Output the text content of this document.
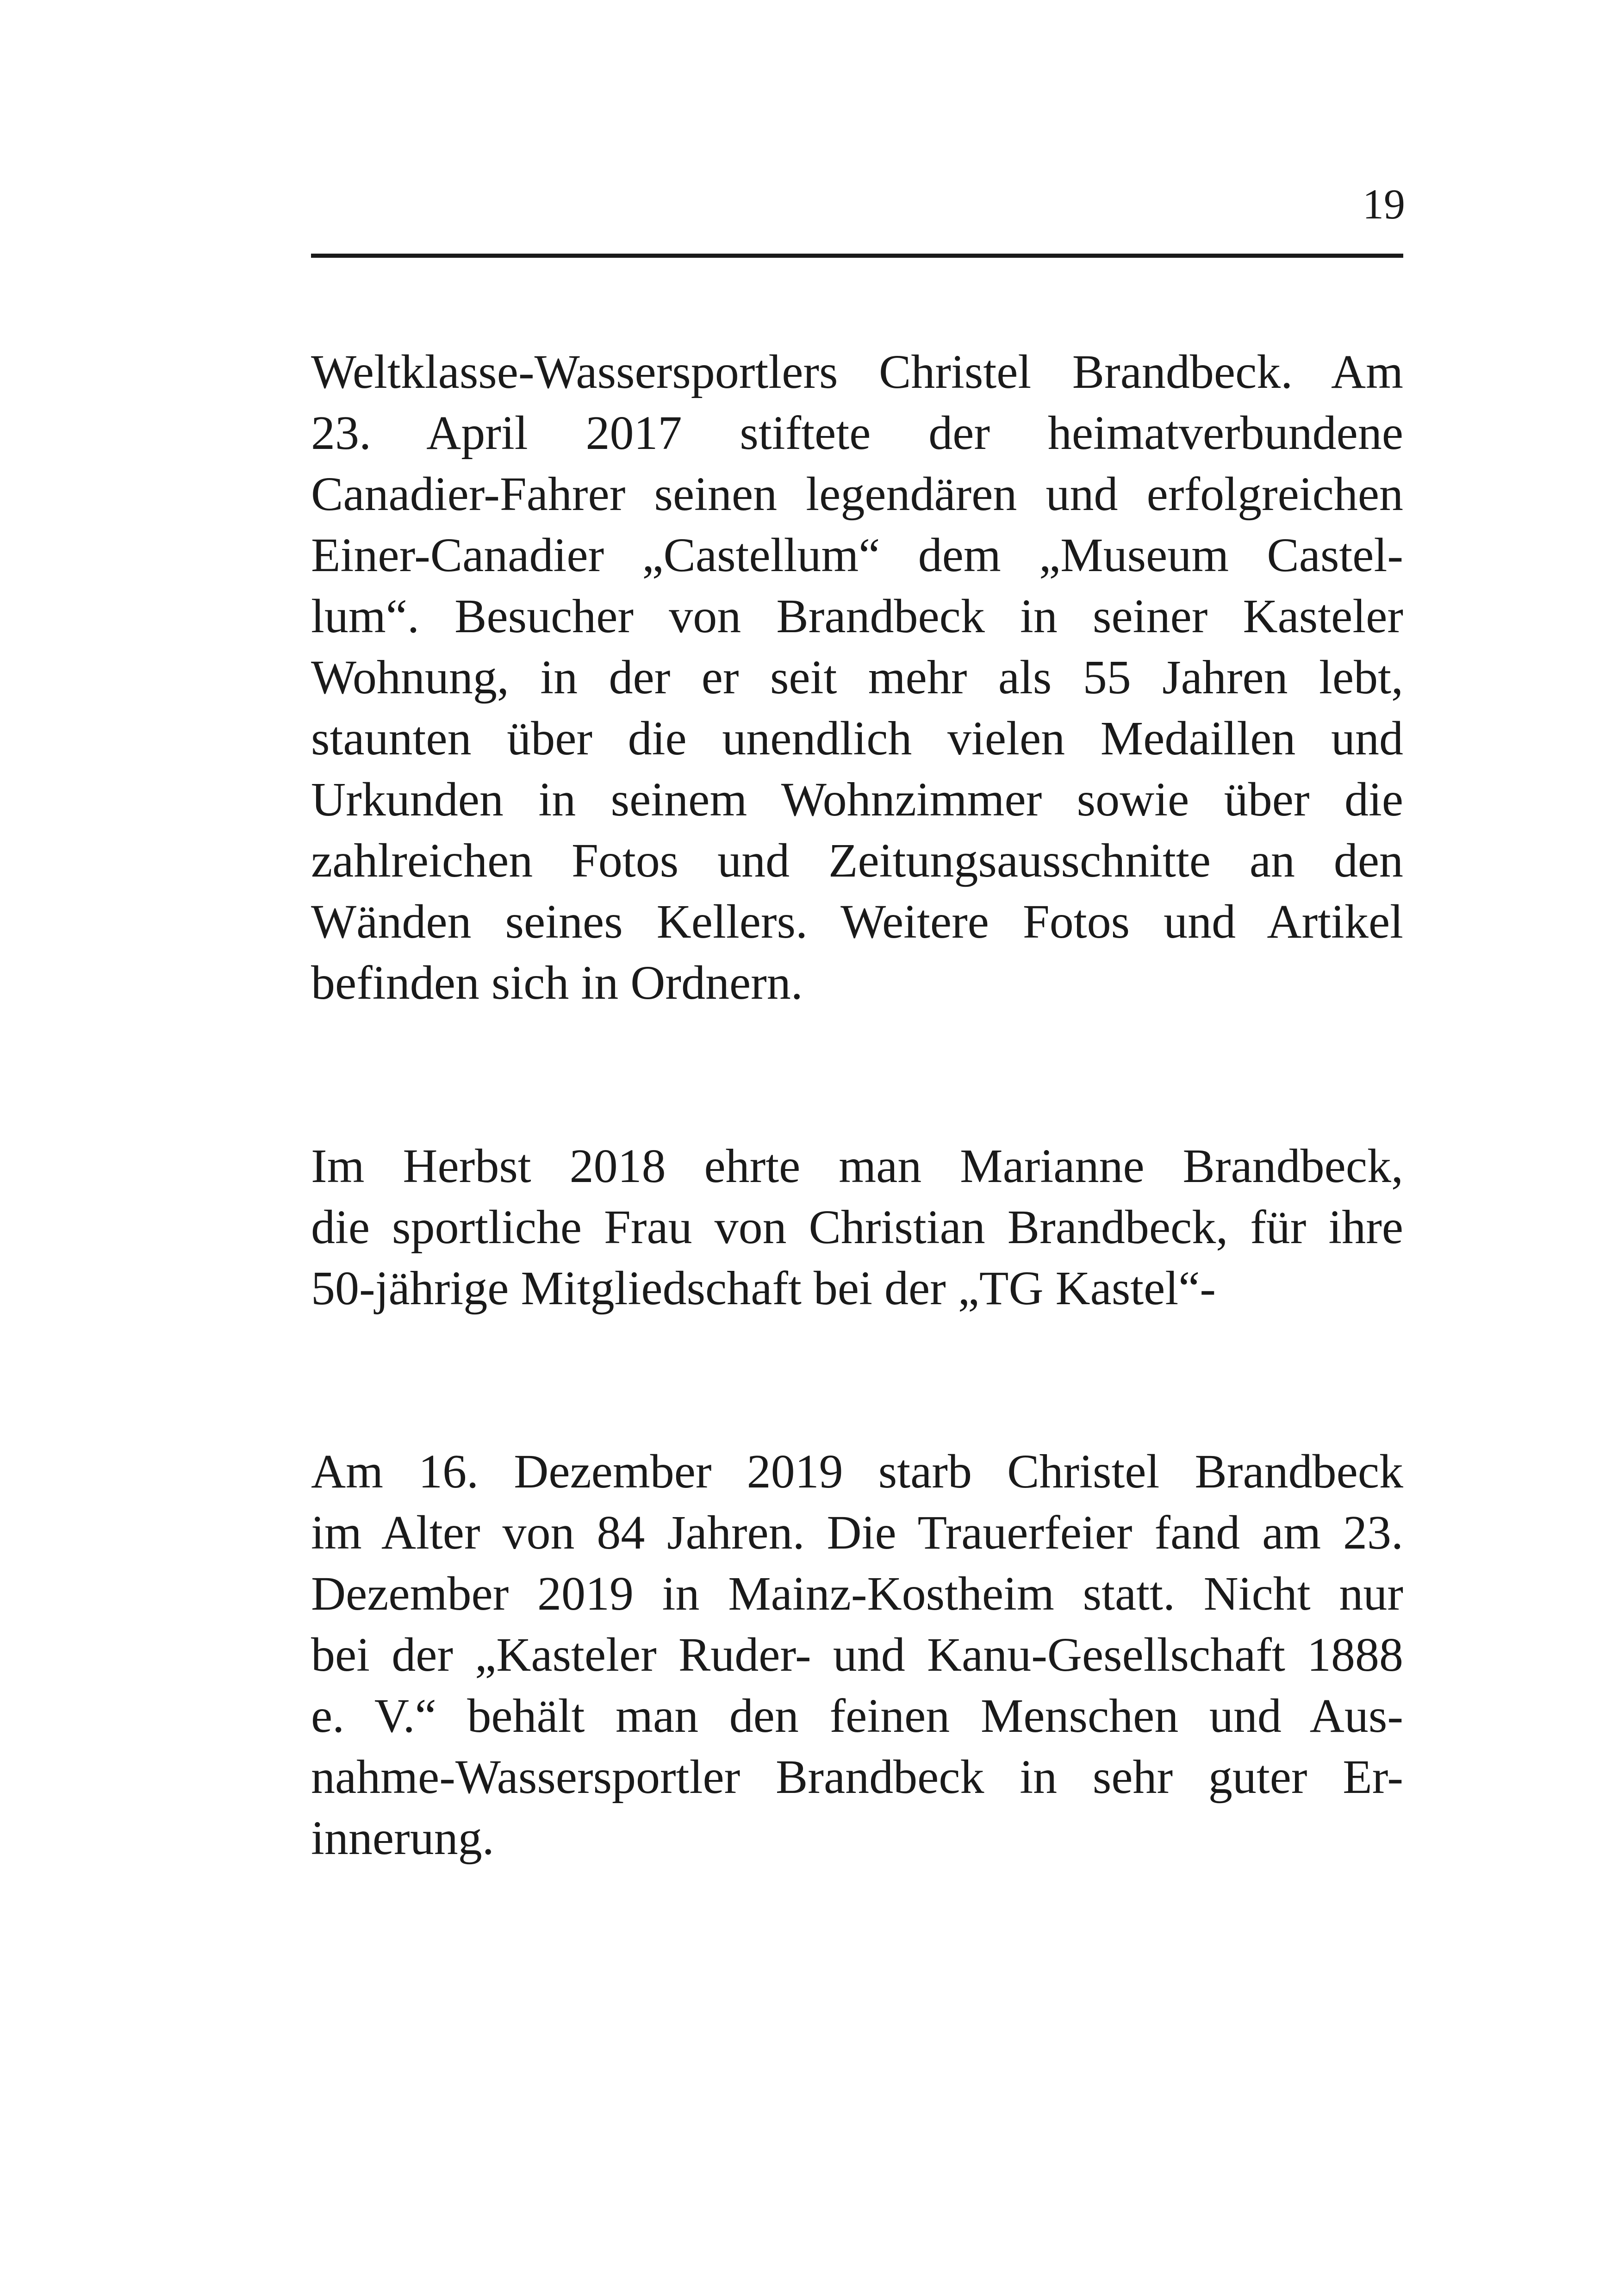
19

Weltklasse-Wassersportlers Christel Brandbeck. Am
23. April 2017 stiftete der heimatverbundene
Canadier-Fahrer seinen legendären und erfolgreichen
Einer-Canadier „Castellum“ dem „Museum Castel-
lum“. Besucher von Brandbeck in seiner Kasteler
Wohnung, in der er seit mehr als 55 Jahren lebt,
staunten über die unendlich vielen Medaillen und
Urkunden in seinem Wohnzimmer sowie über die
zahlreichen Fotos und Zeitungsausschnitte an den
Wänden seines Kellers. Weitere Fotos und Artikel
befinden sich in Ordnern.

Im Herbst 2018 ehrte man Marianne Brandbeck,
die sportliche Frau von Christian Brandbeck, für ihre
50-jährige Mitgliedschaft bei der „TG Kastel“-

Am 16. Dezember 2019 starb Christel Brandbeck
im Alter von 84 Jahren. Die Trauerfeier fand am 23.
Dezember 2019 in Mainz-Kostheim statt. Nicht nur
bei der „Kasteler Ruder- und Kanu-Gesellschaft 1888
e. V.“ behält man den feinen Menschen und Aus-
nahme-Wassersportler Brandbeck in sehr guter Er-
innerung.
